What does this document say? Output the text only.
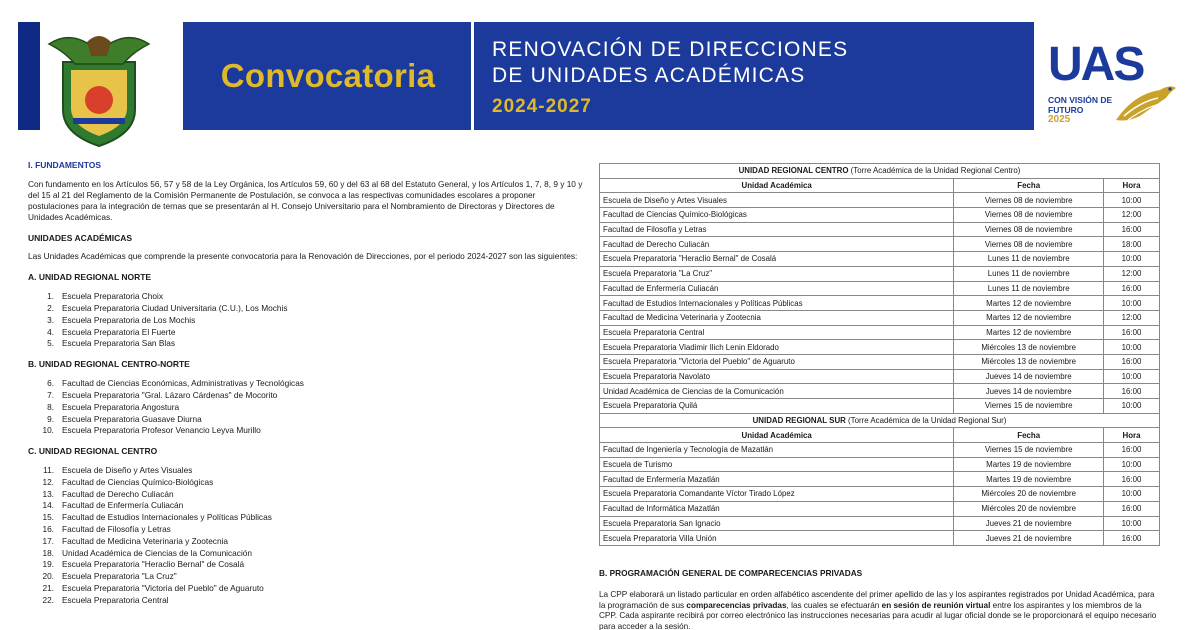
Convocatoria
RENOVACIÓN DE DIRECCIONES
DE UNIDADES ACADÉMICAS
2024-2027
UAS
CON VISIÓN DE
FUTURO
2025
I. FUNDAMENTOS
Con fundamento en los Artículos 56, 57 y 58 de la Ley Orgánica, los Artículos 59, 60 y del 63 al 68 del Estatuto General, y los Artículos 1, 7, 8, 9 y 10 y del 15 al 21 del Reglamento de la Comisión Permanente de Postulación, se convoca a las respectivas comunidades escolares a proponer postulaciones para la integración de ternas que se presentarán al H. Consejo Universitario para el Nombramiento de Directoras y Directores de Unidades Académicas.
UNIDADES ACADÉMICAS
Las Unidades Académicas que comprende la presente convocatoria para la Renovación de Direcciones, por el periodo 2024-2027 son las siguientes:
A. UNIDAD REGIONAL NORTE
1. Escuela Preparatoria Choix
2. Escuela Preparatoria Ciudad Universitaria (C.U.), Los Mochis
3. Escuela Preparatoria de Los Mochis
4. Escuela Preparatoria El Fuerte
5. Escuela Preparatoria San Blas
B. UNIDAD REGIONAL CENTRO-NORTE
6. Facultad de Ciencias Económicas, Administrativas y Tecnológicas
7. Escuela Preparatoria "Gral. Lázaro Cárdenas" de Mocorito
8. Escuela Preparatoria Angostura
9. Escuela Preparatoria Guasave Diurna
10. Escuela Preparatoria Profesor Venancio Leyva Murillo
C. UNIDAD REGIONAL CENTRO
11. Escuela de Diseño y Artes Visuales
12. Facultad de Ciencias Químico-Biológicas
13. Facultad de Derecho Culiacán
14. Facultad de Enfermería Culiacán
15. Facultad de Estudios Internacionales y Políticas Públicas
16. Facultad de Filosofía y Letras
17. Facultad de Medicina Veterinaria y Zootecnia
18. Unidad Académica de Ciencias de la Comunicación
19. Escuela Preparatoria "Heraclio Bernal" de Cosalá
20. Escuela Preparatoria "La Cruz"
21. Escuela Preparatoria "Victoria del Pueblo" de Aguaruto
22. Escuela Preparatoria Central
UNIDAD REGIONAL CENTRO (Torre Académica de la Unidad Regional Centro)		
Unidad Académica	Fecha	Hora
Escuela de Diseño y Artes Visuales	Viernes 08 de noviembre	10:00
Facultad de Ciencias Químico-Biológicas	Viernes 08 de noviembre	12:00
Facultad de Filosofía y Letras	Viernes 08 de noviembre	16:00
Facultad de Derecho Culiacán	Viernes 08 de noviembre	18:00
Escuela Preparatoria "Heraclio Bernal" de Cosalá	Lunes 11 de noviembre	10:00
Escuela Preparatoria "La Cruz"	Lunes 11 de noviembre	12:00
Facultad de Enfermería Culiacán	Lunes 11 de noviembre	16:00
Facultad de Estudios Internacionales y Políticas Públicas	Martes 12 de noviembre	10:00
Facultad de Medicina Veterinaria y Zootecnia	Martes 12 de noviembre	12:00
Escuela Preparatoria Central	Martes 12 de noviembre	16:00
Escuela Preparatoria Vladimir Ilich Lenin Eldorado	Miércoles 13 de noviembre	10:00
Escuela Preparatoria "Victoria del Pueblo" de Aguaruto	Miércoles 13 de noviembre	16:00
Escuela Preparatoria Navolato	Jueves 14 de noviembre	10:00
Unidad Académica de Ciencias de la Comunicación	Jueves 14 de noviembre	16:00
Escuela Preparatoria Quilá	Viernes 15 de noviembre	10:00
UNIDAD REGIONAL SUR (Torre Académica de la Unidad Regional Sur)		
Unidad Académica	Fecha	Hora
Facultad de Ingeniería y Tecnología de Mazatlán	Viernes 15 de noviembre	16:00
Escuela de Turismo	Martes 19 de noviembre	10:00
Facultad de Enfermería Mazatlán	Martes 19 de noviembre	16:00
Escuela Preparatoria Comandante Víctor Tirado López	Miércoles 20 de noviembre	10:00
Facultad de Informática Mazatlán	Miércoles 20 de noviembre	16:00
Escuela Preparatoria San Ignacio	Jueves 21 de noviembre	10:00
Escuela Preparatoria Villa Unión	Jueves 21 de noviembre	16:00
B. PROGRAMACIÓN GENERAL DE COMPARECENCIAS PRIVADAS
La CPP elaborará un listado particular en orden alfabético ascendente del primer apellido de las y los aspirantes registrados por Unidad Académica, para la programación de sus comparecencias privadas, las cuales se efectuarán en sesión de reunión virtual entre los aspirantes y los miembros de la CPP. Cada aspirante recibirá por correo electrónico las instrucciones necesarias para acudir al lugar oficial donde se le proporcionará el equipo necesario para acceder a la sesión.
